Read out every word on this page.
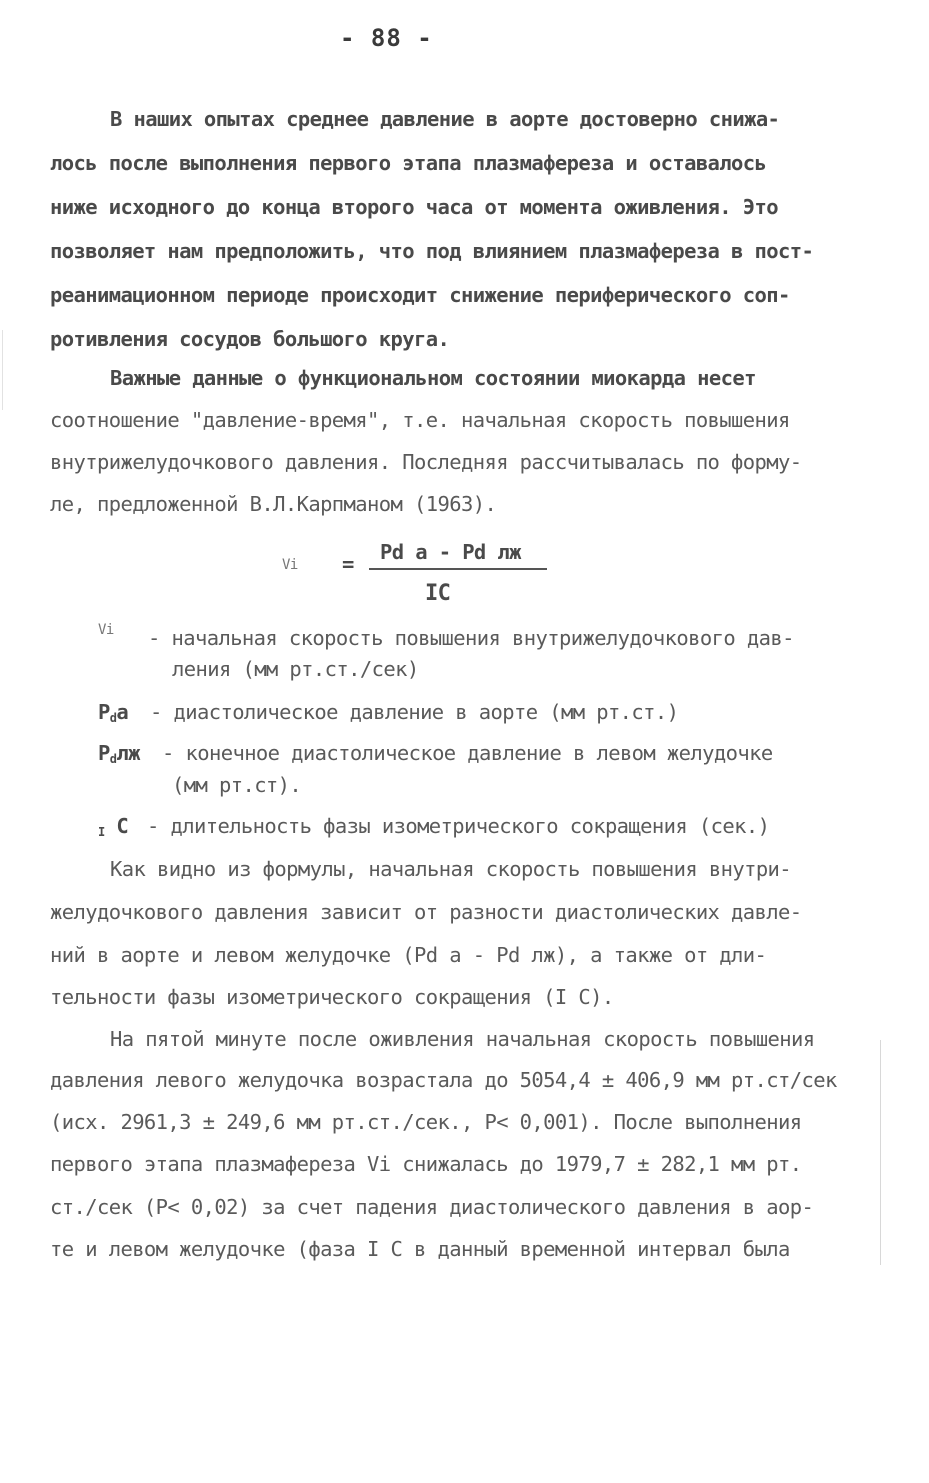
- 88 -
В наших опытах среднее давление в аорте достоверно снижа-
лось после выполнения первого этапа плазмафереза и оставалось
ниже исходного до конца второго часа от момента оживления. Это
позволяет нам предположить, что под влиянием плазмафереза в пост-
реанимационном периоде происходит снижение периферического соп-
ротивления сосудов большого круга.
Важные данные о функциональном состоянии миокарда несет
соотношение "давление-время", т.е. начальная скорость повышения
внутрижелудочкового давления. Последняя рассчитывалась по форму-
ле, предложенной В.Л.Карпманом (1963).
Vi = Pd a - Pd лж
IC
Vi - начальная скорость повышения внутрижелудочкового дав-
ления (мм рт.ст./сек)
$P_da$ - диастолическое давление в аорте (мм рт.ст.)
$P_dлж$ - конечное диастолическое давление в левом желудочке
(мм рт.ст).
$_I$ C - длительность фазы изометрического сокращения (сек.)
Как видно из формулы, начальная скорость повышения внутри-
желудочкового давления зависит от разности диастолических давле-
ний в аорте и левом желудочке (Pd a - Pd лж), а также от дли-
тельности фазы изометрического сокращения (I C).
На пятой минуте после оживления начальная скорость повышения
давления левого желудочка возрастала до 5054,4 ± 406,9 мм рт.ст/сек
(исх. 2961,3 ± 249,6 мм рт.ст./сек., P< 0,001). После выполнения
первого этапа плазмафереза Vi снижалась до 1979,7 ± 282,1 мм рт.
ст./сек (P< 0,02) за счет падения диастолического давления в аор-
те и левом желудочке (фаза I C в данный временной интервал была
